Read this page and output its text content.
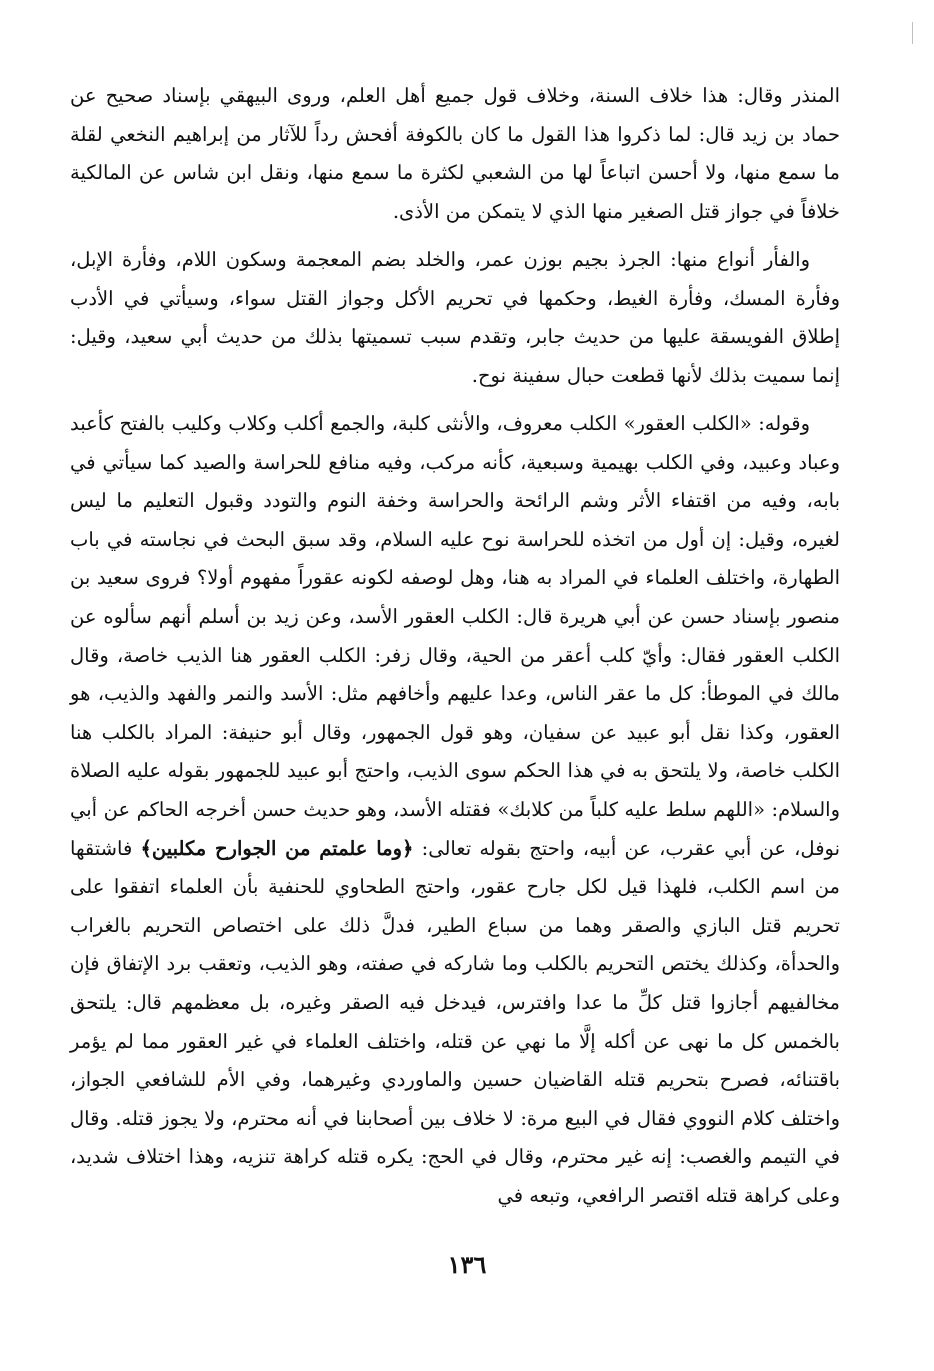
المنذر وقال: هذا خلاف السنة، وخلاف قول جميع أهل العلم، وروى البيهقي بإسناد صحيح عن حماد بن زيد قال: لما ذكروا هذا القول ما كان بالكوفة أفحش رداً للآثار من إبراهيم النخعي لقلة ما سمع منها، ولا أحسن اتباعاً لها من الشعبي لكثرة ما سمع منها، ونقل ابن شاس عن المالكية خلافاً في جواز قتل الصغير منها الذي لا يتمكن من الأذى.

والفأر أنواع منها: الجرذ بجيم بوزن عمر، والخلد بضم المعجمة وسكون اللام، وفأرة الإبل، وفأرة المسك، وفأرة الغيط، وحكمها في تحريم الأكل وجواز القتل سواء، وسيأتي في الأدب إطلاق الفويسقة عليها من حديث جابر، وتقدم سبب تسميتها بذلك من حديث أبي سعيد، وقيل: إنما سميت بذلك لأنها قطعت حبال سفينة نوح.

وقوله: «الكلب العقور» الكلب معروف، والأنثى كلبة، والجمع أكلب وكلاب وكليب بالفتح كأعبد وعباد وعبيد، وفي الكلب بهيمية وسبعية، كأنه مركب، وفيه منافع للحراسة والصيد كما سيأتي في بابه، وفيه من اقتفاء الأثر وشم الرائحة والحراسة وخفة النوم والتودد وقبول التعليم ما ليس لغيره، وقيل: إن أول من اتخذه للحراسة نوح عليه السلام، وقد سبق البحث في نجاسته في باب الطهارة، واختلف العلماء في المراد به هنا، وهل لوصفه لكونه عقوراً مفهوم أولا؟ فروى سعيد بن منصور بإسناد حسن عن أبي هريرة قال: الكلب العقور الأسد، وعن زيد بن أسلم أنهم سألوه عن الكلب العقور فقال: وأيّ كلب أعقر من الحية، وقال زفر: الكلب العقور هنا الذيب خاصة، وقال مالك في الموطأ: كل ما عقر الناس، وعدا عليهم وأخافهم مثل: الأسد والنمر والفهد والذيب، هو العقور، وكذا نقل أبو عبيد عن سفيان، وهو قول الجمهور، وقال أبو حنيفة: المراد بالكلب هنا الكلب خاصة، ولا يلتحق به في هذا الحكم سوى الذيب، واحتج أبو عبيد للجمهور بقوله عليه الصلاة والسلام: «اللهم سلط عليه كلباً من كلابك» فقتله الأسد، وهو حديث حسن أخرجه الحاكم عن أبي نوفل، عن أبي عقرب، عن أبيه، واحتج بقوله تعالى: ﴿وما علمتم من الجوارح مكلبين﴾ فاشتقها من اسم الكلب، فلهذا قيل لكل جارح عقور، واحتج الطحاوي للحنفية بأن العلماء اتفقوا على تحريم قتل البازي والصقر وهما من سباع الطير، فدلَّ ذلك على اختصاص التحريم بالغراب والحدأة، وكذلك يختص التحريم بالكلب وما شاركه في صفته، وهو الذيب، وتعقب برد الإتفاق فإن مخالفيهم أجازوا قتل كلِّ ما عدا وافترس، فيدخل فيه الصقر وغيره، بل معظمهم قال: يلتحق بالخمس كل ما نهى عن أكله إلَّا ما نهي عن قتله، واختلف العلماء في غير العقور مما لم يؤمر باقتنائه، فصرح بتحريم قتله القاضيان حسين والماوردي وغيرهما، وفي الأم للشافعي الجواز، واختلف كلام النووي فقال في البيع مرة: لا خلاف بين أصحابنا في أنه محترم، ولا يجوز قتله. وقال في التيمم والغصب: إنه غير محترم، وقال في الحج: يكره قتله كراهة تنزيه، وهذا اختلاف شديد، وعلى كراهة قتله اقتصر الرافعي، وتبعه في

١٣٦
